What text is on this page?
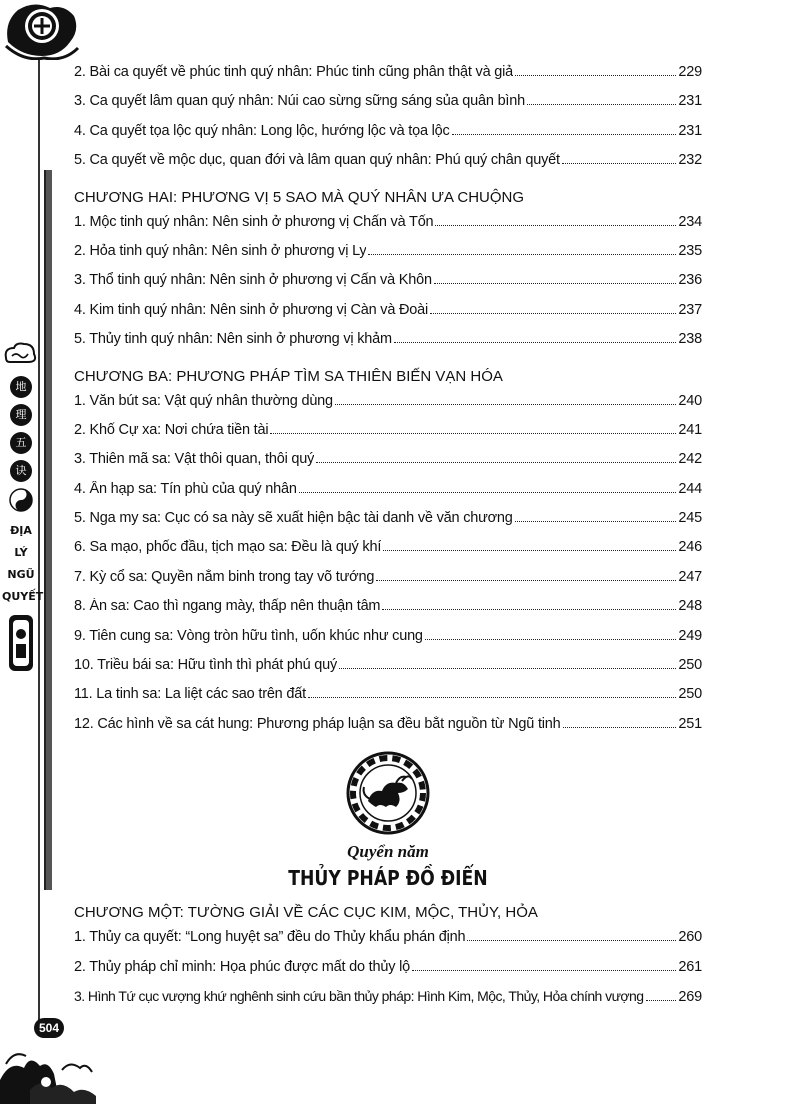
地
理
五
诀
ĐỊA
LÝ
NGŨ
QUYẾT
504
2. Bài ca quyết về phúc tinh quý nhân: Phúc tinh cũng phân thật và giả	229
3. Ca quyết lâm quan quý nhân: Núi cao sừng sững sáng sủa quân bình	231
4. Ca quyết tọa lộc quý nhân: Long lộc, hướng lộc và tọa lộc	231
5. Ca quyết về mộc dục, quan đới và lâm quan quý nhân: Phú quý chân quyết	232
CHƯƠNG HAI: PHƯƠNG VỊ 5 SAO MÀ QUÝ NHÂN ƯA CHUỘNG
1. Mộc tinh quý nhân: Nên sinh ở phương vị Chấn và Tốn	234
2. Hỏa tinh quý nhân: Nên sinh ở phương vị Ly	235
3. Thổ tinh quý nhân: Nên sinh ở phương vị Cấn và Khôn	236
4. Kim tinh quý nhân: Nên sinh ở phương vị Càn và Đoài	237
5. Thủy tinh quý nhân: Nên sinh ở phương vị khảm	238
CHƯƠNG BA: PHƯƠNG PHÁP TÌM SA THIÊN BIẾN VẠN HÓA
1. Văn bút sa: Vật quý nhân thường dùng	240
2. Khố Cự xa: Nơi chứa tiền tài	241
3. Thiên mã sa: Vật thôi quan, thôi quý	242
4. Ấn hạp sa: Tín phù của quý nhân	244
5. Nga my sa: Cục có sa này sẽ xuất hiện bậc tài danh về văn chương	245
6. Sa mạo, phốc đầu, tịch mạo sa: Đều là quý khí	246
7. Kỳ cổ sa: Quyền nắm binh trong tay võ tướng	247
8. Án sa: Cao thì ngang mày, thấp nên thuận tâm	248
9. Tiên cung sa: Vòng tròn hữu tình, uốn khúc như cung	249
10. Triều bái sa: Hữu tình thì phát phú quý	250
11. La tinh sa: La liệt các sao trên đất	250
12. Các hình về sa cát hung: Phương pháp luận sa đều bắt nguồn từ Ngũ tinh	251
Quyển năm
THỦY PHÁP ĐỒ ĐIỂN
CHƯƠNG MỘT: TƯỜNG GIẢI VỀ CÁC CỤC KIM, MỘC, THỦY, HỎA
1. Thủy ca quyết: “Long huyệt sa” đều do Thủy khẩu phán định	260
2. Thủy pháp chỉ minh: Họa phúc được mất do thủy lộ	261
3. Hình Tứ cục vượng khứ nghênh sinh cứu bần thủy pháp: Hình Kim, Mộc, Thủy, Hỏa chính vượng 269
